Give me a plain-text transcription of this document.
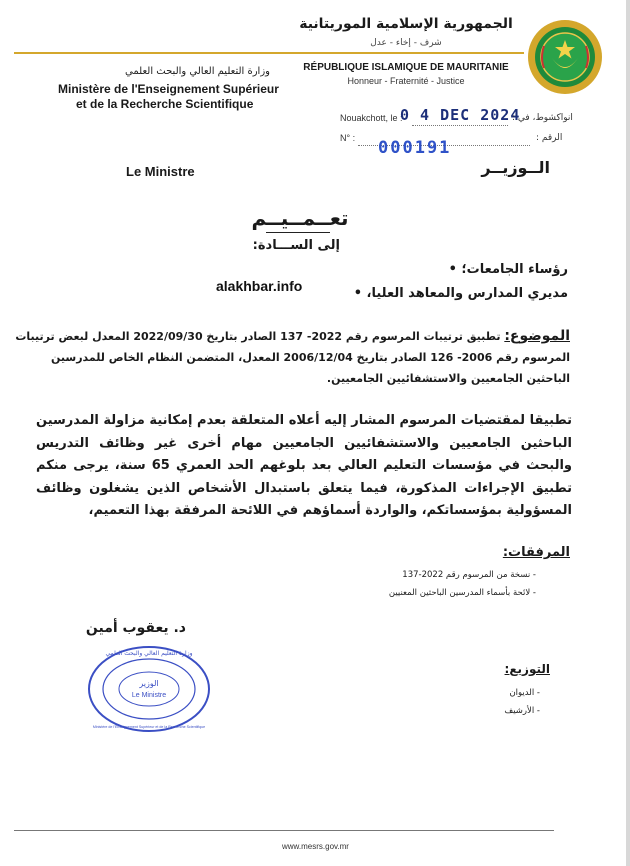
الجمهورية الإسلامية الموريتانية
شرف - إخاء - عدل
RÉPUBLIQUE ISLAMIQUE DE MAURITANIE
Honneur - Fraternité - Justice
وزارة التعليم العالي والبحث العلمي
Ministère de l'Enseignement Supérieur
et de la Recherche Scientifique
Nouakchott, le :
0 4 DEC 2024
انواكشوط، في :
N° : 000191	الرقم :
Le Ministre	الــوزيــر
تعــمــيــم
إلى الســـادة:
رؤساء الجامعات؛ •
مديري المدارس والمعاهد العليا، •
alakhbar.info
الموضوع: تطبيق ترتيبات المرسوم رقم 2022- 137 الصادر بتاريخ 2022/09/30 المعدل لبعض ترتيبات المرسوم رقم 2006- 126 الصادر بتاريخ 2006/12/04 المعدل، المتضمن النظام الخاص للمدرسين الباحثين الجامعيين والاستشفائيين الجامعيين.
تطبيقا لمقتضيات المرسوم المشار إليه أعلاه المتعلقة بعدم إمكانية مزاولة المدرسين الباحثين الجامعيين والاستشفائيين الجامعيين مهام أخرى غير وظائف التدريس والبحث في مؤسسات التعليم العالي بعد بلوغهم الحد العمري 65 سنة، يرجى منكم تطبيق الإجراءات المذكورة، فيما يتعلق باستبدال الأشخاص الذين يشغلون وظائف المسؤولية بمؤسساتكم، والواردة أسماؤهم في اللائحة المرفقة بهذا التعميم،
المرفقات:
- نسخة من المرسوم رقم 2022-137
- لائحة بأسماء المدرسين الباحثين المعنيين
د. يعقوب أمين
وزارة التعليم العالي والبحث العلمي
الوزير
Le Ministre
Ministère de l'Enseignement Supérieur et de la Recherche Scientifique
التوزيع:
- الديوان
- الأرشيف
www.mesrs.gov.mr
